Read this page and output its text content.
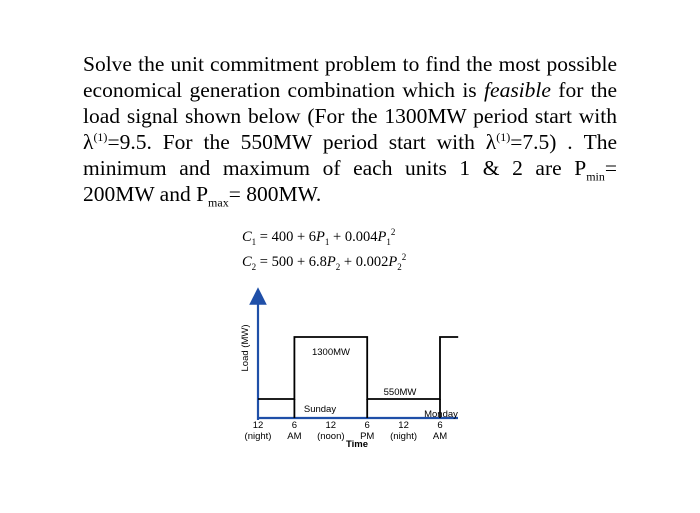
Solve the unit commitment problem to find the most possible economical generation combination which is feasible for the load signal shown below (For the 1300MW period start with $\lambda^{(1)}=9.5$. For the 550MW period start with $\lambda^{(1)}=7.5$) . The minimum and maximum of each units 1 & 2 are $P_{min}= 200MW$ and $P_{max}= 800MW$.
$C_1 = 400 + 6P_1 + 0.004P_1^2$
$C_2 = 500 + 6.8P_2 + 0.002P_2^2$
Load (MW)	1300MW
550MW
Sunday	Monday
12
(night)
6
AM
12
(noon)
6
PM
12
(night)
6
AM
Time
